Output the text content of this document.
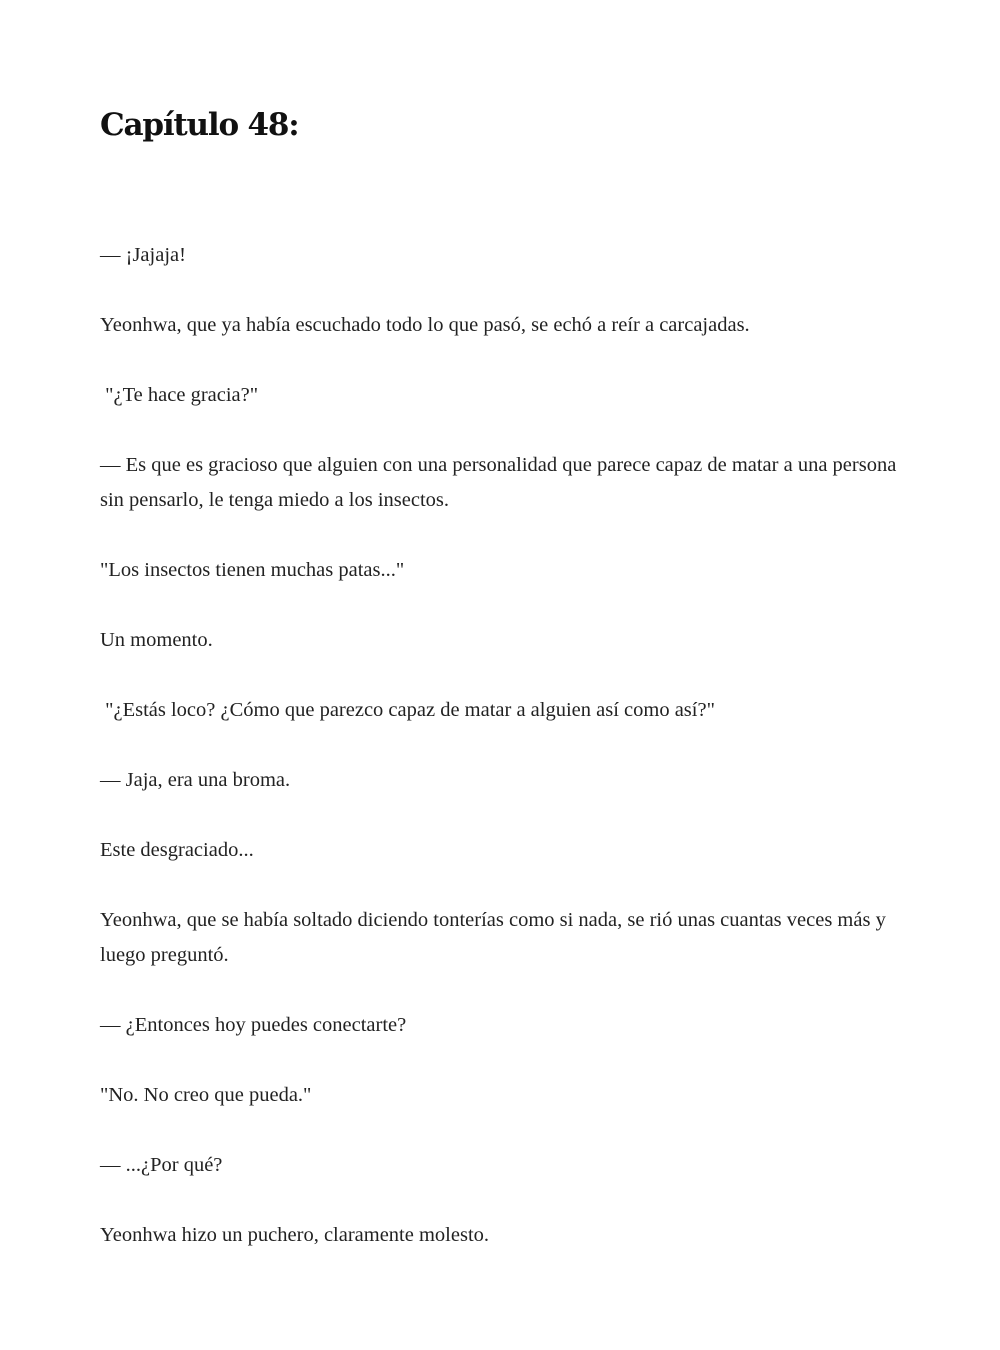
Capítulo 48:

— ¡Jajaja!

Yeonhwa, que ya había escuchado todo lo que pasó, se echó a reír a carcajadas.

"¿Te hace gracia?"

— Es que es gracioso que alguien con una personalidad que parece capaz de matar a una persona sin pensarlo, le tenga miedo a los insectos.

"Los insectos tienen muchas patas..."

Un momento.

"¿Estás loco? ¿Cómo que parezco capaz de matar a alguien así como así?"

— Jaja, era una broma.

Este desgraciado...

Yeonhwa, que se había soltado diciendo tonterías como si nada, se rió unas cuantas veces más y luego preguntó.

— ¿Entonces hoy puedes conectarte?

"No. No creo que pueda."

— ...¿Por qué?

Yeonhwa hizo un puchero, claramente molesto.
